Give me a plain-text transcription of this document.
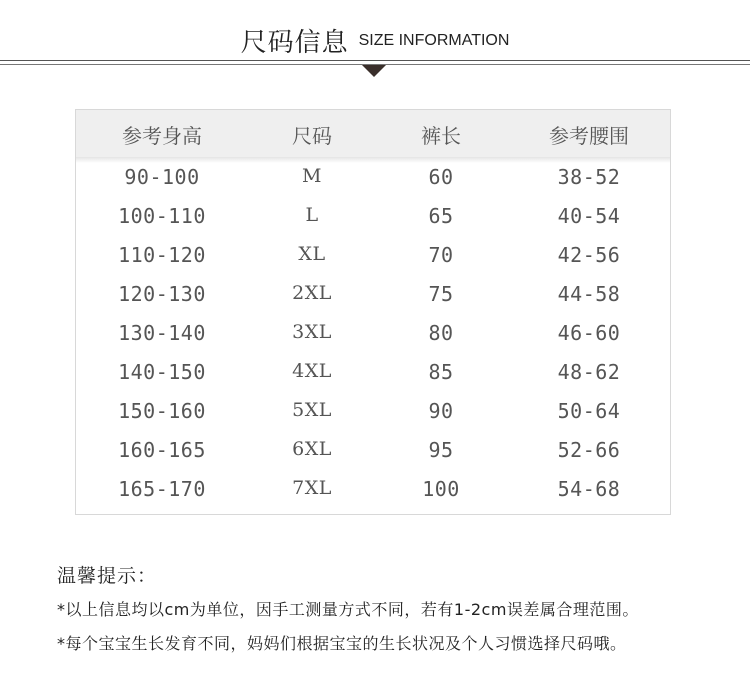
尺码信息 SIZE INFORMATION
参考身高	尺码	裤长	参考腰围
90-100	M	60	38-52
100-110	L	65	40-54
110-120	XL	70	42-56
120-130	2XL	75	44-58
130-140	3XL	80	46-60
140-150	4XL	85	48-62
150-160	5XL	90	50-64
160-165	6XL	95	52-66
165-170	7XL	100	54-68
温馨提示：
*以上信息均以cm为单位，因手工测量方式不同，若有1-2cm误差属合理范围。
*每个宝宝生长发育不同，妈妈们根据宝宝的生长状况及个人习惯选择尺码哦。
